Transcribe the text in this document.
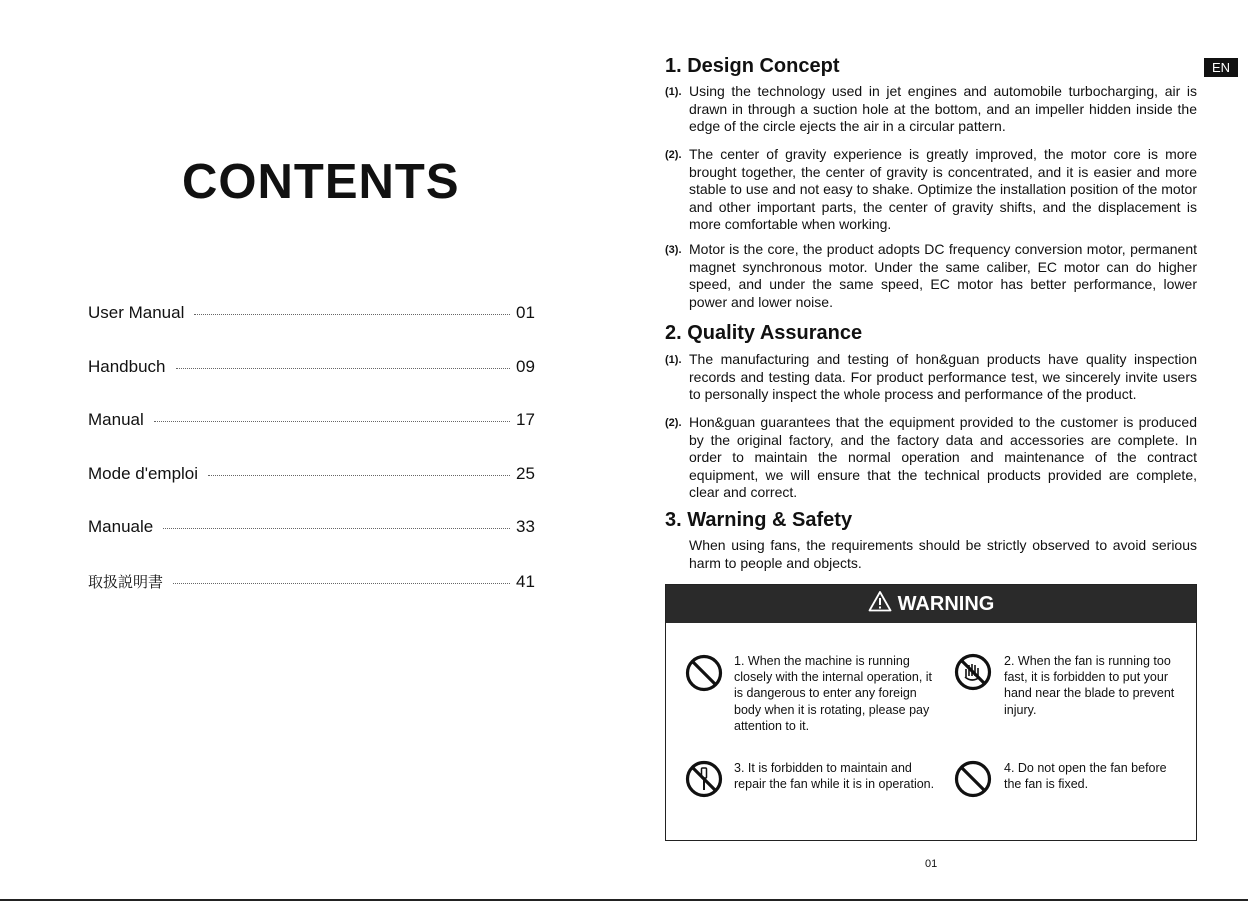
CONTENTS
User Manual	01
Handbuch	09
Manual	17
Mode d'emploi	25
Manuale	33
取扱説明書	41
EN
1. Design Concept
(1). Using the technology used in jet engines and automobile turbocharging, air is drawn in through a suction hole at the bottom, and an impeller hidden inside the edge of the circle ejects the air in a circular pattern.
(2). The center of gravity experience is greatly improved, the motor core is more brought together, the center of gravity is concentrated, and it is easier and more stable to use and not easy to shake. Optimize the installation position of the motor and other important parts, the center of gravity shifts, and the displacement is more comfortable when working.
(3). Motor is the core, the product adopts DC frequency conversion motor, permanent magnet synchronous motor. Under the same caliber, EC motor can do higher speed, and under the same speed, EC motor has better performance, lower power and lower noise.
2. Quality Assurance
(1). The manufacturing and testing of hon&guan products have quality inspection records and testing data. For product performance test, we sincerely invite users to personally inspect the whole process and performance of the product.
(2). Hon&guan guarantees that the equipment provided to the customer is produced by the original factory, and the factory data and accessories are complete. In order to maintain the normal operation and maintenance of the contract equipment, we will ensure that the technical products provided are complete, clear and correct.
3. Warning & Safety
When using fans, the requirements should be strictly observed to avoid serious harm to people and objects.
WARNING
1. When the machine is running closely with the internal operation, it is dangerous to enter any foreign body when it is rotating, please pay attention to it.
2. When the fan is running too fast, it is forbidden to put your hand near the blade to prevent injury.
3. It is forbidden to maintain and repair the fan while it is in operation.
4. Do not open the fan before the fan is fixed.
01
